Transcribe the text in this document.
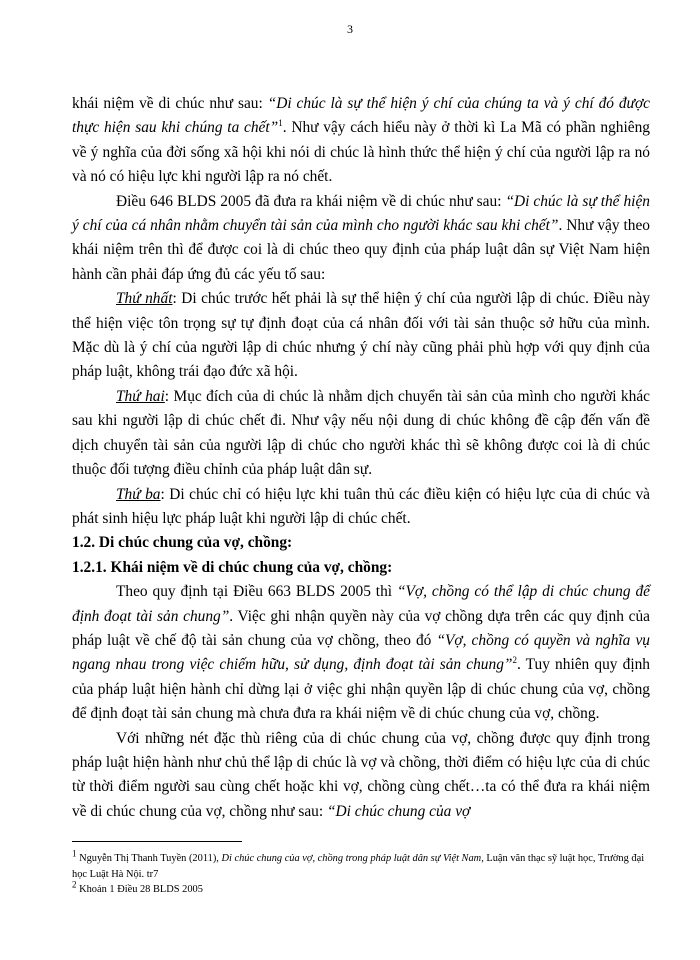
3

khái niệm về di chúc như sau: “Di chúc là sự thể hiện ý chí của chúng ta và ý chí đó được thực hiện sau khi chúng ta chết”$^1$. Như vậy cách hiểu này ở thời kì La Mã có phần nghiêng về ý nghĩa của đời sống xã hội khi nói di chúc là hình thức thể hiện ý chí của người lập ra nó và nó có hiệu lực khi người lập ra nó chết.

Điều 646 BLDS 2005 đã đưa ra khái niệm về di chúc như sau: “Di chúc là sự thể hiện ý chí của cá nhân nhằm chuyển tài sản của mình cho người khác sau khi chết”. Như vậy theo khái niệm trên thì để được coi là di chúc theo quy định của pháp luật dân sự Việt Nam hiện hành cần phải đáp ứng đủ các yếu tố sau:

Thứ nhất: Di chúc trước hết phải là sự thể hiện ý chí của người lập di chúc. Điều này thể hiện việc tôn trọng sự tự định đoạt của cá nhân đối với tài sản thuộc sở hữu của mình. Mặc dù là ý chí của người lập di chúc nhưng ý chí này cũng phải phù hợp với quy định của pháp luật, không trái đạo đức xã hội.

Thứ hai: Mục đích của di chúc là nhằm dịch chuyển tài sản của mình cho người khác sau khi người lập di chúc chết đi. Như vậy nếu nội dung di chúc không đề cập đến vấn đề dịch chuyển tài sản của người lập di chúc cho người khác thì sẽ không được coi là di chúc thuộc đối tượng điều chỉnh của pháp luật dân sự.

Thứ ba: Di chúc chỉ có hiệu lực khi tuân thủ các điều kiện có hiệu lực của di chúc và phát sinh hiệu lực pháp luật khi người lập di chúc chết.

1.2. Di chúc chung của vợ, chồng:

1.2.1. Khái niệm về di chúc chung của vợ, chồng:

Theo quy định tại Điều 663 BLDS 2005 thì “Vợ, chồng có thể lập di chúc chung để định đoạt tài sản chung”. Việc ghi nhận quyền này của vợ chồng dựa trên các quy định của pháp luật về chế độ tài sản chung của vợ chồng, theo đó “Vợ, chồng có quyền và nghĩa vụ ngang nhau trong việc chiếm hữu, sử dụng, định đoạt tài sản chung”$^2$. Tuy nhiên quy định của pháp luật hiện hành chỉ dừng lại ở việc ghi nhận quyền lập di chúc chung của vợ, chồng để định đoạt tài sản chung mà chưa đưa ra khái niệm về di chúc chung của vợ, chồng.

Với những nét đặc thù riêng của di chúc chung của vợ, chồng được quy định trong pháp luật hiện hành như chủ thể lập di chúc là vợ và chồng, thời điểm có hiệu lực của di chúc từ thời điểm người sau cùng chết hoặc khi vợ, chồng cùng chết…ta có thể đưa ra khái niệm về di chúc chung của vợ, chồng như sau: “Di chúc chung của vợ

$^1$ Nguyễn Thị Thanh Tuyền (2011), Di chúc chung của vợ, chồng trong pháp luật dân sự Việt Nam, Luận văn thạc sỹ luật học, Trường đại học Luật Hà Nội. tr7

$^2$ Khoản 1 Điều 28 BLDS 2005
